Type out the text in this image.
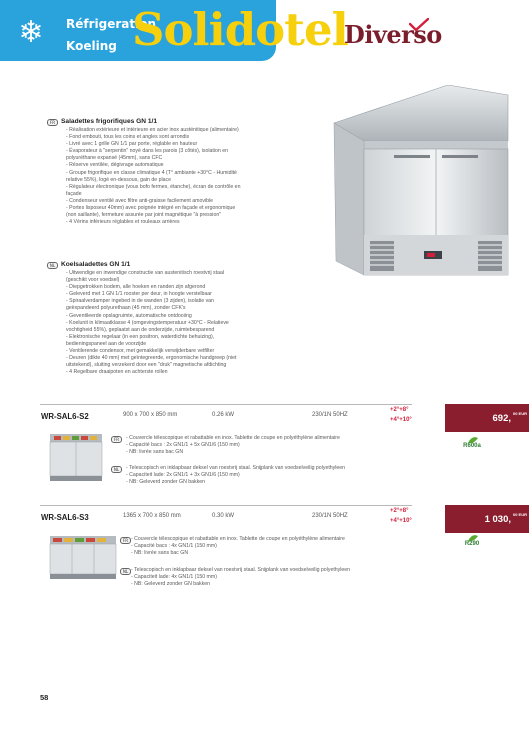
❄	Réfrigeration
Koeling Solidotel
Diverso
FR Saladettes frigorifiques GN 1/1
- Réalisation extérieure et intérieure en acier inox austénitique (alimentaire)
- Fond embouti, tous les coins et angles sont arrondis
- Livré avec 1 grille GN 1/1 par porte, réglable en hauteur
- Évaporateur à "serpentin" noyé dans les parois (3 côtés), isolation en
polyuréthane expansé (45mm), sans CFC
- Réserve ventilée, dégivrage automatique
- Groupe frigorifique en classe climatique 4 (T° ambiante +30°C - Humidité
relative 55%), logé en-dessous, gain de place
- Régulateur électronique (vous bofo fermes, étanche), écran de contrôle en
façade
- Condenseur ventilé avec filtre anti-graisse facilement amovible
- Portes lisposeur 40mm) avec poignée intégré en façade et ergonomique
(non saillante), fermeture assurée par joint magnétique "à pression"
- 4 Vérins inférieurs réglables et rouleaux arrières
NL Koelsaladettes GN 1/1
- Uitwendige en inwendige constructie van austenitisch roestvrij staal
(geschikt voor voedsel)
- Diepgetrokken bodem, alle hoeken en randen zijn afgerond
- Geleverd met 1 GN 1/1 rooster per deur, in hoogte verstelbaar
- Spiraalverdamper ingebed in de wanden (3 zijden), isolatie van
geëxpandeerd polyurethaan (45 mm), zonder CFK's
- Geventileerde opslagruimte, automatische ontdooiing
- Koelunit in klimaatklasse 4 (omgevingstemperatuur +30°C - Relatieve
vochtigheid 55%), geplaatst aan de onderzijde, ruimtebesparend
- Elektronische regelaar (in een positron, waterdichte behuizing),
bedieningspaneel aan de voorzijde
- Ventilerende condensor, met gemakkelijk verwijderbare vetfilter
- Deuren (dikte 40 mm) met geïntegreerde, ergonomische handgreep (niet
uitstekend), sluiting verzekerd door een "druk" magnetische afdichting
- 4 Regelbare draaipoten en achterste rollen
WR-SAL6-S2	900 x 700 x 850 mm	0.26 kW	230/1N 50HZ
+2°+8°
+4°+10°	692, 00 EUR
FR	- Couvercle télescopique et rabattable en inox. Tablette de coupe en polyéthylène alimentaire
- Capacité bacs : 2x GN1/1 + 5x GN1/6 (150 mm)
- NB: livrée sans bac GN
NL	- Telescopisch en inklapbaar deksel van roestvrij staal. Snijplank van voedselveilig polyethyleen
- Capaciteit lade: 2x GN1/1 + 3x GN1/6 (150 mm)
- NB: Geleverd zonder GN bakken
R600a
WR-SAL6-S3	1365 x 700 x 850 mm	0.30 kW	230/1N 50HZ
+2°+8°
+4°+10°	1 030, 00 EUR
FR - Couvercle télescopique et rabattable en inox. Tablette de coupe en polyéthylène alimentaire
- Capacité bacs : 4x GN1/1 (150 mm)
- NB: livrée sans bac GN
NL - Telescopisch en inklapbaar deksel van roestvrij staal. Snijplank van voedselveilig polyethyleen
- Capaciteit lade: 4x GN1/1 (150 mm)
- NB: Geleverd zonder GN bakken
R290
58
